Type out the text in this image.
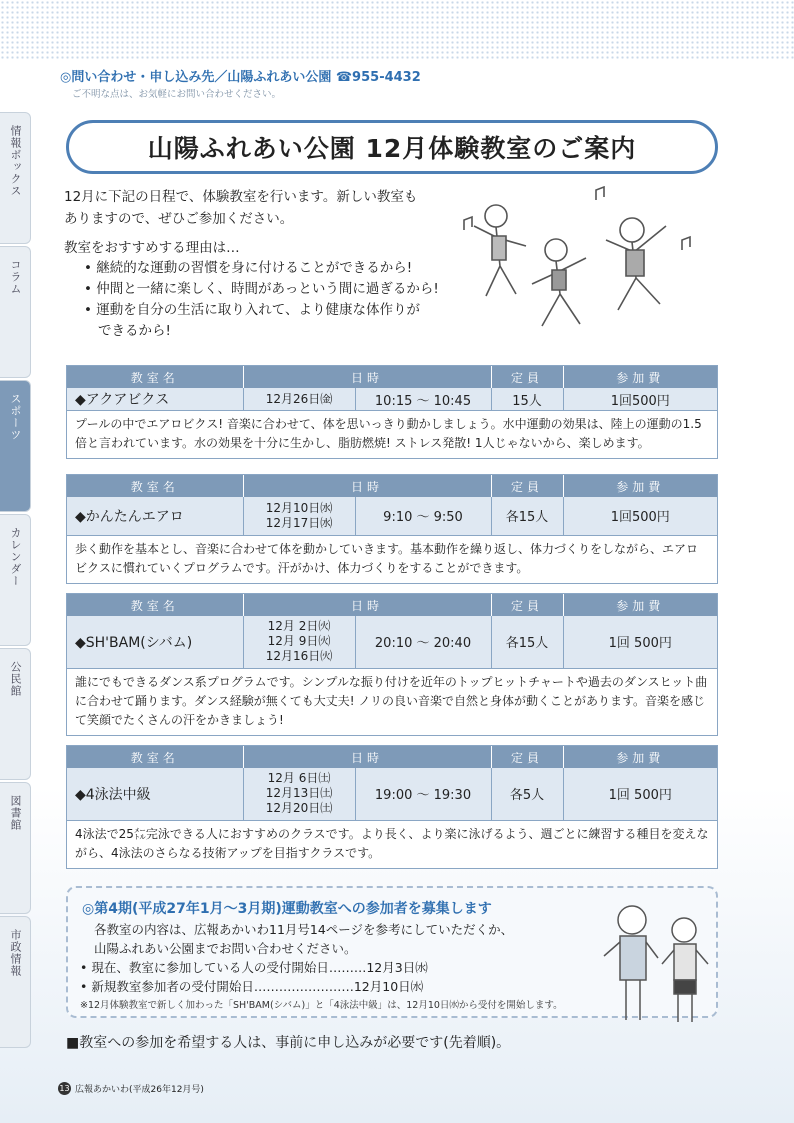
◎問い合わせ・申し込み先／山陽ふれあい公園 ☎955-4432
ご不明な点は、お気軽にお問い合わせください。
情報ボックス
コラム
スポーツ
カレンダー
公民館
図書館
市政情報
山陽ふれあい公園 12月体験教室のご案内
12月に下記の日程で、体験教室を行います。新しい教室も
ありますので、ぜひご参加ください。
教室をおすすめする理由は…
• 継続的な運動の習慣を身に付けることができるから!
• 仲間と一緒に楽しく、時間があっという間に過ぎるから!
• 運動を自分の生活に取り入れて、より健康な体作りが
できるから!
教室名	日時		定員	参加費
◆アクアビクス	12月26日㈮	10:15 ～ 10:45	15人	1回500円
プールの中でエアロビクス! 音楽に合わせて、体を思いっきり動かしましょう。水中運動の効果は、陸上の運動の1.5倍と言われています。水の効果を十分に生かし、脂肪燃焼! ストレス発散! 1人じゃないから、楽しめます。
教室名	日時		定員	参加費
◆かんたんエアロ	12月10日㈬
12月17日㈬	9:10 ～ 9:50	各15人	1回500円
歩く動作を基本とし、音楽に合わせて体を動かしていきます。基本動作を繰り返し、体力づくりをしながら、エアロビクスに慣れていくプログラムです。汗がかけ、体力づくりをすることができます。
教室名	日時		定員	参加費
◆SH'BAM(シバム)	12月 2日㈫
12月 9日㈫
12月16日㈫	20:10 ～ 20:40	各15人	1回 500円
誰にでもできるダンス系プログラムです。シンプルな振り付けを近年のトップヒットチャートや過去のダンスヒット曲に合わせて踊ります。ダンス経験が無くても大丈夫! ノリの良い音楽で自然と身体が動くことがあります。音楽を感じて笑顔でたくさんの汗をかきましょう!
教室名	日時		定員	参加費
◆4泳法中級	12月 6日㈯
12月13日㈯
12月20日㈯	19:00 ～ 19:30	各5人	1回 500円
4泳法で25㍍完泳できる人におすすめのクラスです。より長く、より楽に泳げるよう、週ごとに練習する種目を変えながら、4泳法のさらなる技術アップを目指すクラスです。
◎第4期(平成27年1月～3月期)運動教室への参加者を募集します
各教室の内容は、広報あかいわ11月号14ページを参考にしていただくか、
山陽ふれあい公園までお問い合わせください。
• 現在、教室に参加している人の受付開始日………12月3日㈬
• 新規教室参加者の受付開始日……………………12月10日㈬
※12月体験教室で新しく加わった「SH'BAM(シバム)」と「4泳法中級」は、12月10日㈬から受付を開始します。
■教室への参加を希望する人は、事前に申し込みが必要です(先着順)。
13 広報あかいわ(平成26年12月号)
